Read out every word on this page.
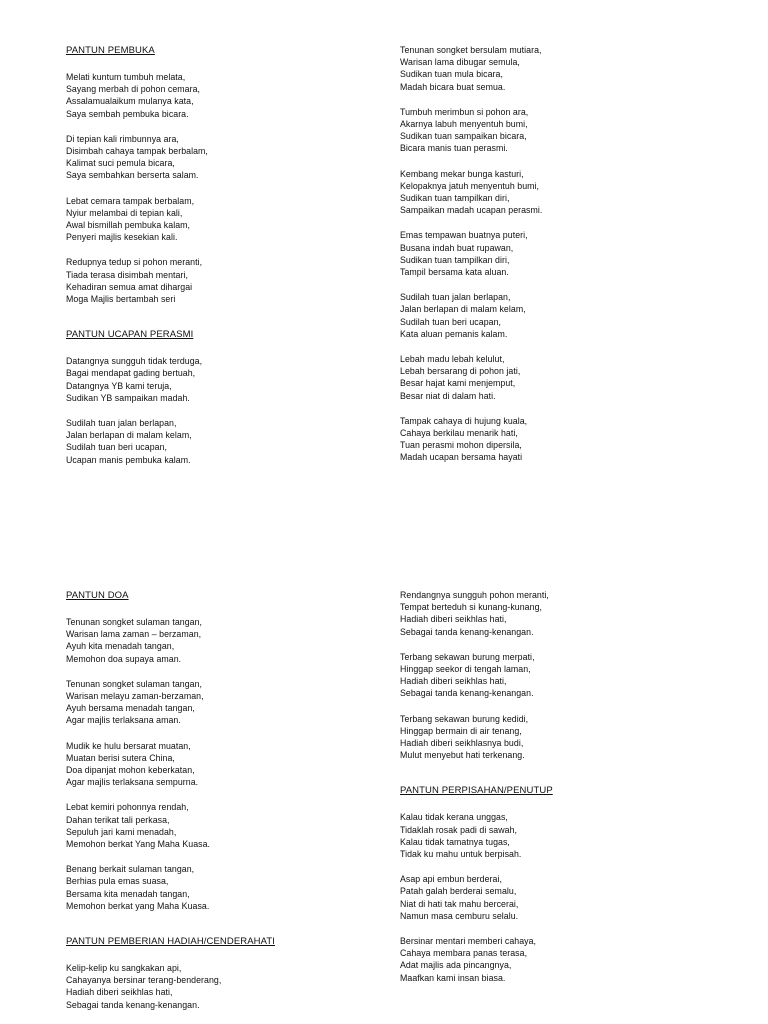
PANTUN PEMBUKA
Melati kuntum tumbuh melata,
Sayang merbah di pohon cemara,
Assalamualaikum mulanya kata,
Saya sembah pembuka bicara.
Di tepian kali rimbunnya ara,
Disimbah cahaya tampak berbalam,
Kalimat suci pemula bicara,
Saya sembahkan berserta salam.
Lebat cemara tampak berbalam,
Nyiur melambai di tepian kali,
Awal bismillah pembuka kalam,
Penyeri majlis kesekian kali.
Redupnya tedup si pohon meranti,
Tiada terasa disimbah mentari,
Kehadiran semua amat dihargai
Moga Majlis bertambah seri
PANTUN UCAPAN PERASMI
Datangnya sungguh tidak terduga,
Bagai mendapat gading bertuah,
Datangnya YB kami teruja,
Sudikan YB sampaikan madah.
Sudilah tuan jalan berlapan,
Jalan berlapan di malam kelam,
Sudilah tuan beri ucapan,
Ucapan manis pembuka kalam.
Tenunan songket bersulam mutiara,
Warisan lama dibugar semula,
Sudikan tuan mula bicara,
Madah bicara buat semua.
Tumbuh merimbun si pohon ara,
Akarnya labuh menyentuh bumi,
Sudikan tuan sampaikan bicara,
Bicara manis tuan perasmi.
Kembang mekar bunga kasturi,
Kelopaknya jatuh menyentuh bumi,
Sudikan tuan tampilkan diri,
Sampaikan madah ucapan perasmi.
Emas tempawan buatnya puteri,
Busana indah buat rupawan,
Sudikan tuan tampilkan diri,
Tampil bersama kata aluan.
Sudilah tuan jalan berlapan,
Jalan berlapan di malam kelam,
Sudilah tuan beri ucapan,
Kata aluan pemanis kalam.
Lebah madu lebah kelulut,
Lebah bersarang di pohon jati,
Besar hajat kami menjemput,
Besar niat di dalam hati.
Tampak cahaya di hujung kuala,
Cahaya berkilau menarik hati,
Tuan perasmi mohon dipersila,
Madah ucapan bersama hayati
PANTUN DOA
Tenunan songket sulaman tangan,
Warisan lama zaman – berzaman,
Ayuh kita menadah tangan,
Memohon doa supaya aman.
Tenunan songket sulaman tangan,
Warisan melayu zaman-berzaman,
Ayuh bersama menadah tangan,
Agar majlis terlaksana aman.
Mudik ke hulu bersarat muatan,
Muatan berisi sutera China,
Doa dipanjat mohon keberkatan,
Agar majlis terlaksana sempurna.
Lebat kemiri pohonnya rendah,
Dahan terikat tali perkasa,
Sepuluh jari kami menadah,
Memohon berkat Yang Maha Kuasa.
Benang berkait sulaman tangan,
Berhias pula emas suasa,
Bersama kita menadah tangan,
Memohon berkat yang Maha Kuasa.
PANTUN PEMBERIAN HADIAH/CENDERAHATI
Kelip-kelip ku sangkakan api,
Cahayanya bersinar terang-benderang,
Hadiah diberi seikhlas hati,
Sebagai tanda kenang-kenangan.
Rendangnya sungguh pohon meranti,
Tempat berteduh si kunang-kunang,
Hadiah diberi seikhlas hati,
Sebagai tanda kenang-kenangan.
Terbang sekawan burung merpati,
Hinggap seekor di tengah laman,
Hadiah diberi seikhlas hati,
Sebagai tanda kenang-kenangan.
Terbang sekawan burung kedidi,
Hinggap bermain di air tenang,
Hadiah diberi seikhlasnya budi,
Mulut menyebut hati terkenang.
PANTUN PERPISAHAN/PENUTUP
Kalau tidak kerana unggas,
Tidaklah rosak padi di sawah,
Kalau tidak tamatnya tugas,
Tidak ku mahu untuk berpisah.
Asap api embun berderai,
Patah galah berderai semalu,
Niat di hati tak mahu bercerai,
Namun masa cemburu selalu.
Bersinar mentari memberi cahaya,
Cahaya membara panas terasa,
Adat majlis ada pincangnya,
Maafkan kami insan biasa.
